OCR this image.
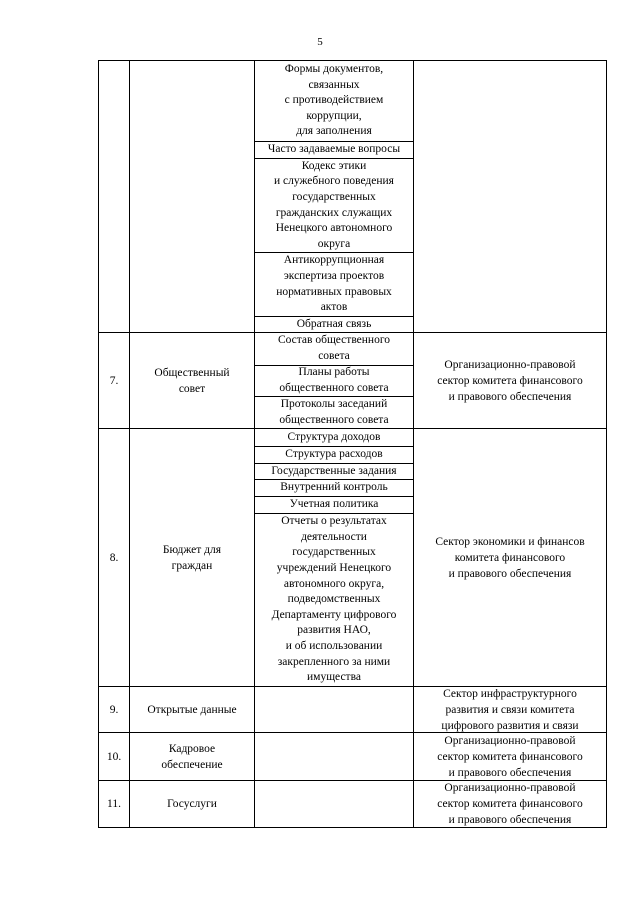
5
Формы документов,
связанных
с противодействием
коррупции,
для заполнения
Часто задаваемые вопросы
Кодекс этики
и служебного поведения
государственных
гражданских служащих
Ненецкого автономного
округа
Антикоррупционная
экспертиза проектов
нормативных правовых
актов
Обратная связь
7.
Общественный
совет
Состав общественного
совета
Планы работы
общественного совета
Протоколы заседаний
общественного совета
Организационно-правовой
сектор комитета финансового
и правового обеспечения
8.
Бюджет для
граждан
Структура доходов
Структура расходов
Государственные задания
Внутренний контроль
Учетная политика
Отчеты о результатах
деятельности
государственных
учреждений Ненецкого
автономного округа,
подведомственных
Департаменту цифрового
развития НАО,
и об использовании
закрепленного за ними
имущества
Сектор экономики и финансов
комитета финансового
и правового обеспечения
9.	Открытые данные
Сектор инфраструктурного
развития и связи комитета
цифрового развития и связи
10.
Кадровое
обеспечение
Организационно-правовой
сектор комитета финансового
и правового обеспечения
11.	Госуслуги
Организационно-правовой
сектор комитета финансового
и правового обеспечения
